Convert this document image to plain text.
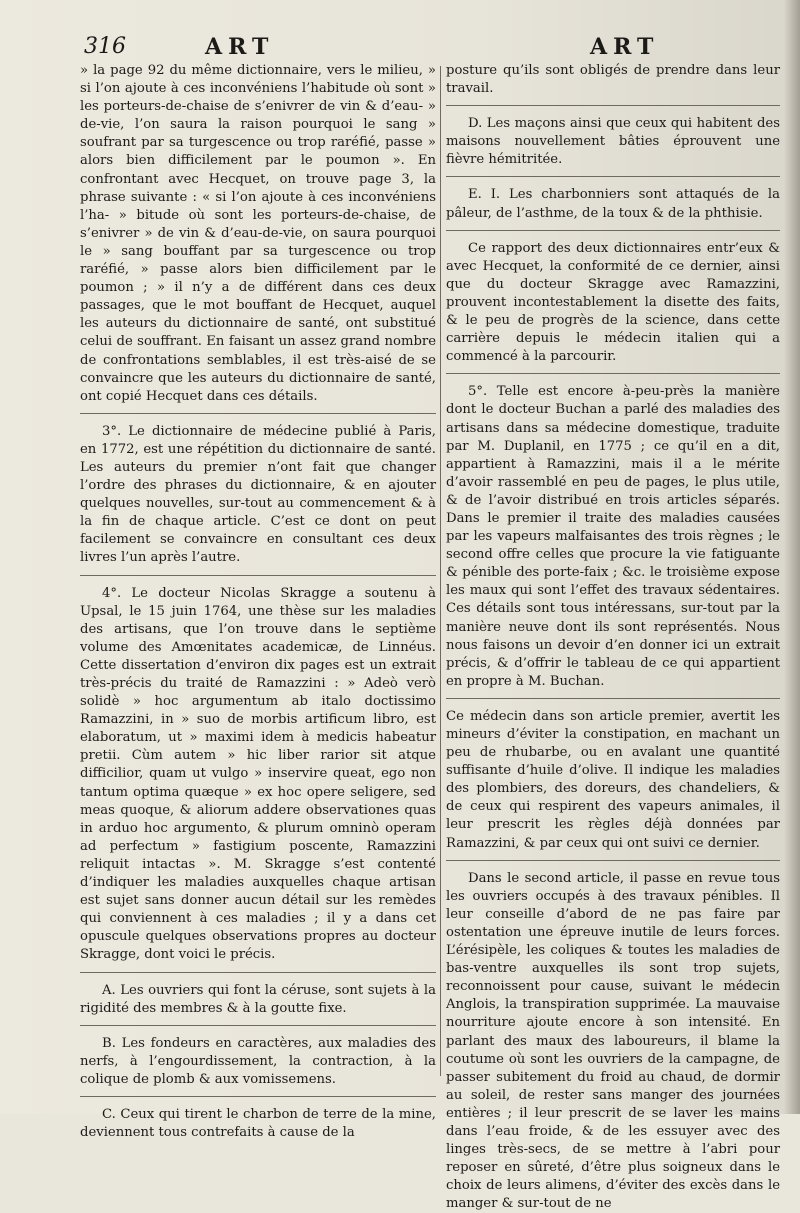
316	ART	ART

» la page 92 du même dictionnaire, vers le milieu, » si l’on ajoute à ces inconvéniens l’habitude où sont » les porteurs-de-chaise de s’enivrer de vin & d’eau- » de-vie, l’on saura la raison pourquoi le sang » soufrant par sa turgescence ou trop raréfié, passe » alors bien difficilement par le poumon ». En confrontant avec Hecquet, on trouve page 3, la phrase suivante : « si l’on ajoute à ces inconvéniens l’ha- » bitude où sont les porteurs-de-chaise, de s’enivrer » de vin & d’eau-de-vie, on saura pourquoi le » sang bouffant par sa turgescence ou trop raréfié, » passe alors bien difficilement par le poumon ; » il n’y a de différent dans ces deux passages, que le mot bouffant de Hecquet, auquel les auteurs du dictionnaire de santé, ont substitué celui de souffrant. En faisant un assez grand nombre de confrontations semblables, il est très-aisé de se convaincre que les auteurs du dictionnaire de santé, ont copié Hecquet dans ces détails.

3°. Le dictionnaire de médecine publié à Paris, en 1772, est une répétition du dictionnaire de santé. Les auteurs du premier n’ont fait que changer l’ordre des phrases du dictionnaire, & en ajouter quelques nouvelles, sur-tout au commencement & à la fin de chaque article. C’est ce dont on peut facilement se convaincre en consultant ces deux livres l’un après l’autre.

4°. Le docteur Nicolas Skragge a soutenu à Upsal, le 15 juin 1764, une thèse sur les maladies des artisans, que l’on trouve dans le septième volume des Amœnitates academicæ, de Linnéus. Cette dissertation d’environ dix pages est un extrait très-précis du traité de Ramazzini : » Adeò verò solidè » hoc argumentum ab italo doctissimo Ramazzini, in » suo de morbis artificum libro, est elaboratum, ut » maximi idem à medicis habeatur pretii. Cùm autem » hic liber rarior sit atque difficilior, quam ut vulgo » inservire queat, ego non tantum optima quæque » ex hoc opere seligere, sed meas quoque, & aliorum addere observationes quas in arduo hoc argumento, & plurum omninò operam ad perfectum » fastigium poscente, Ramazzini reliquit intactas ». M. Skragge s’est contenté d’indiquer les maladies auxquelles chaque artisan est sujet sans donner aucun détail sur les remèdes qui conviennent à ces maladies ; il y a dans cet opuscule quelques observations propres au docteur Skragge, dont voici le précis.

A. Les ouvriers qui font la céruse, sont sujets à la rigidité des membres & à la goutte fixe.

B. Les fondeurs en caractères, aux maladies des nerfs, à l’engourdissement, la contraction, à la colique de plomb & aux vomissemens.

C. Ceux qui tirent le charbon de terre de la mine, deviennent tous contrefaits à cause de la

posture qu’ils sont obligés de prendre dans leur travail.

D. Les maçons ainsi que ceux qui habitent des maisons nouvellement bâties éprouvent une fièvre hémitritée.

E. I. Les charbonniers sont attaqués de la pâleur, de l’asthme, de la toux & de la phthisie.

Ce rapport des deux dictionnaires entr’eux & avec Hecquet, la conformité de ce dernier, ainsi que du docteur Skragge avec Ramazzini, prouvent incontestablement la disette des faits, & le peu de progrès de la science, dans cette carrière depuis le médecin italien qui a commencé à la parcourir.

5°. Telle est encore à-peu-près la manière dont le docteur Buchan a parlé des maladies des artisans dans sa médecine domestique, traduite par M. Duplanil, en 1775 ; ce qu’il en a dit, appartient à Ramazzini, mais il a le mérite d’avoir rassemblé en peu de pages, le plus utile, & de l’avoir distribué en trois articles séparés. Dans le premier il traite des maladies causées par les vapeurs malfaisantes des trois règnes ; le second offre celles que procure la vie fatiguante & pénible des porte-faix ; &c. le troisième expose les maux qui sont l’effet des travaux sédentaires. Ces détails sont tous intéressans, sur-tout par la manière neuve dont ils sont représentés. Nous nous faisons un devoir d’en donner ici un extrait précis, & d’offrir le tableau de ce qui appartient en propre à M. Buchan.

Ce médecin dans son article premier, avertit les mineurs d’éviter la constipation, en machant un peu de rhubarbe, ou en avalant une quantité suffisante d’huile d’olive. Il indique les maladies des plombiers, des doreurs, des chandeliers, & de ceux qui respirent des vapeurs animales, il leur prescrit les règles déjà données par Ramazzini, & par ceux qui ont suivi ce dernier.

Dans le second article, il passe en revue tous les ouvriers occupés à des travaux pénibles. Il leur conseille d’abord de ne pas faire par ostentation une épreuve inutile de leurs forces. L’érésipèle, les coliques & toutes les maladies de bas-ventre auxquelles ils sont trop sujets, reconnoissent pour cause, suivant le médecin Anglois, la transpiration supprimée. La mauvaise nourriture ajoute encore à son intensité. En parlant des maux des laboureurs, il blame la coutume où sont les ouvriers de la campagne, de passer subitement du froid au chaud, de dormir au soleil, de rester sans manger des journées entières ; il leur prescrit de se laver les mains dans l’eau froide, & de les essuyer avec des linges très-secs, de se mettre à l’abri pour reposer en sûreté, d’être plus soigneux dans le choix de leurs alimens, d’éviter des excès dans le manger & sur-tout de ne
